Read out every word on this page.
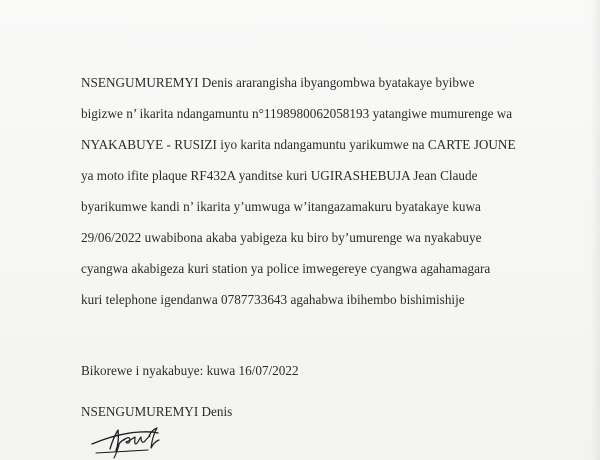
NSENGUMUREMYI Denis ararangisha ibyangombwa byatakaye byibwe
bigizwe n’ ikarita ndangamuntu n°1198980062058193 yatangiwe mumurenge wa
NYAKABUYE - RUSIZI iyo karita ndangamuntu yarikumwe na CARTE JOUNE
ya moto ifite plaque RF432A yanditse kuri UGIRASHEBUJA Jean Claude
byarikumwe kandi n’ ikarita y’umwuga w’itangazamakuru byatakaye kuwa
29/06/2022 uwabibona akaba yabigeza ku biro by’umurenge wa nyakabuye
cyangwa akabigeza kuri station ya police imwegereye cyangwa agahamagara
kuri telephone igendanwa 0787733643 agahabwa ibihembo bishimishije
Bikorewe i nyakabuye: kuwa 16/07/2022
NSENGUMUREMYI Denis
